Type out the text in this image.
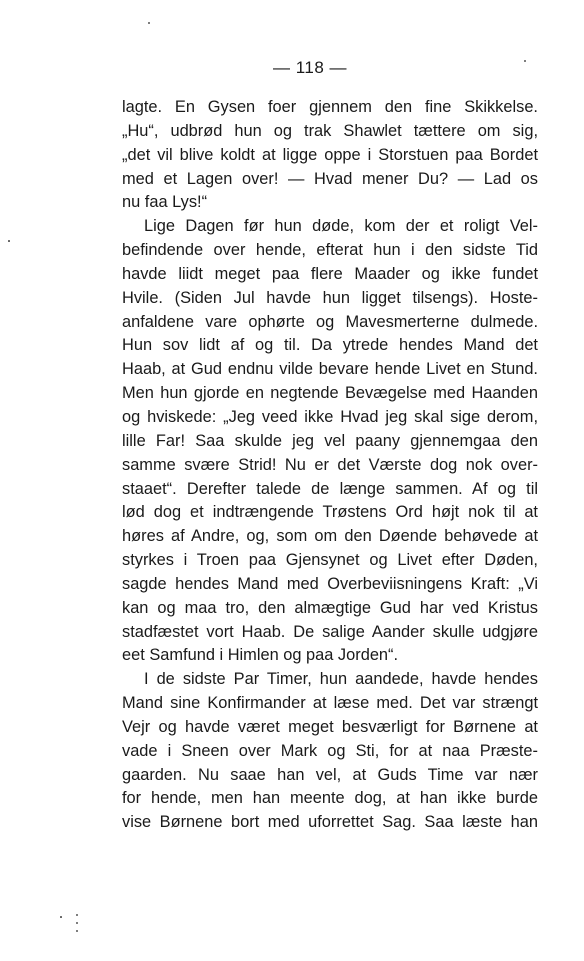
— 118 —
lagte. En Gysen foer gjennem den fine Skikkelse.
„Hu“, udbrød hun og trak Shawlet tættere om sig,
„det vil blive koldt at ligge oppe i Storstuen paa Bordet
med et Lagen over! — Hvad mener Du? — Lad os
nu faa Lys!“
Lige Dagen før hun døde, kom der et roligt Vel-
befindende over hende, efterat hun i den sidste Tid
havde liidt meget paa flere Maader og ikke fundet
Hvile. (Siden Jul havde hun ligget tilsengs). Hoste-
anfaldene vare ophørte og Mavesmerterne dulmede.
Hun sov lidt af og til. Da ytrede hendes Mand det
Haab, at Gud endnu vilde bevare hende Livet en Stund.
Men hun gjorde en negtende Bevægelse med Haanden
og hviskede: „Jeg veed ikke Hvad jeg skal sige derom,
lille Far! Saa skulde jeg vel paany gjennemgaa den
samme svære Strid! Nu er det Værste dog nok over-
staaet“. Derefter talede de længe sammen. Af og til
lød dog et indtrængende Trøstens Ord højt nok til at
høres af Andre, og, som om den Døende behøvede at
styrkes i Troen paa Gjensynet og Livet efter Døden,
sagde hendes Mand med Overbeviisningens Kraft: „Vi
kan og maa tro, den almægtige Gud har ved Kristus
stadfæstet vort Haab. De salige Aander skulle udgjøre
eet Samfund i Himlen og paa Jorden“.
I de sidste Par Timer, hun aandede, havde hendes
Mand sine Konfirmander at læse med. Det var strængt
Vejr og havde været meget besværligt for Børnene at
vade i Sneen over Mark og Sti, for at naa Præste-
gaarden. Nu saae han vel, at Guds Time var nær
for hende, men han meente dog, at han ikke burde
vise Børnene bort med uforrettet Sag. Saa læste han
